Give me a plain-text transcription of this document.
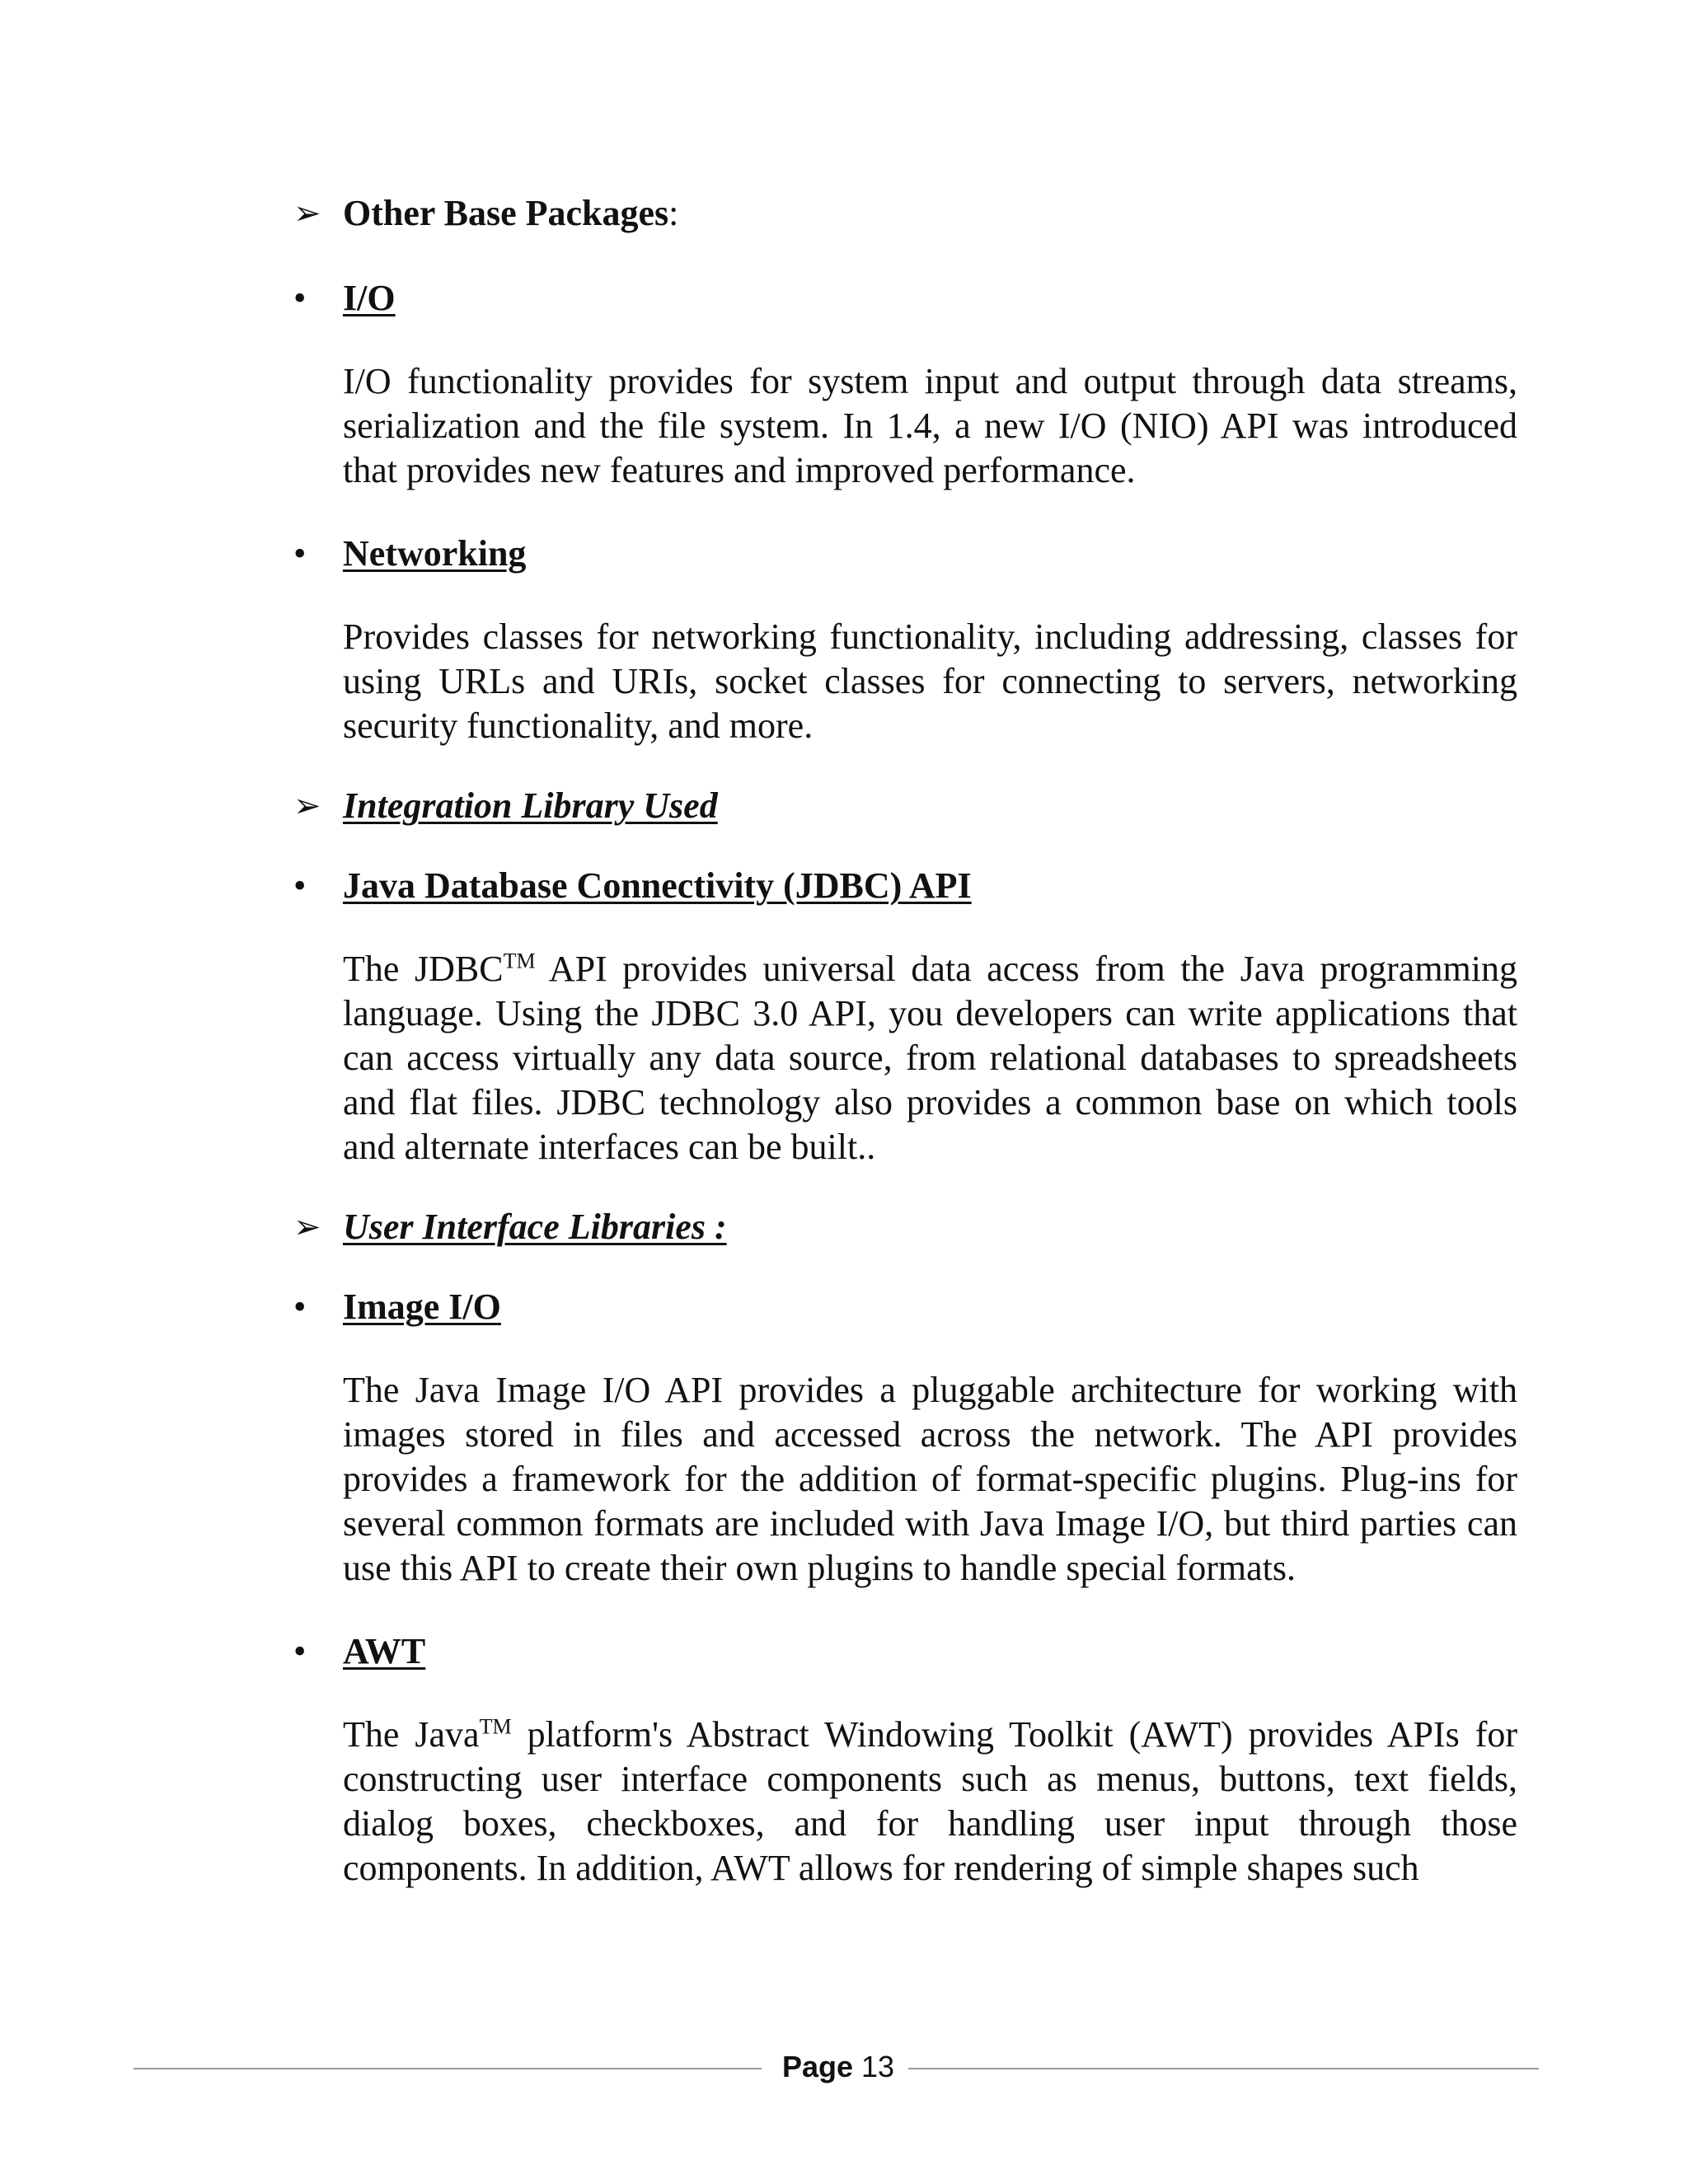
➢ Other Base Packages:

•	I/O

I/O functionality provides for system input and output through data streams, serialization and the file system. In 1.4, a new I/O (NIO) API was introduced that provides new features and improved performance.

•	Networking

Provides classes for networking functionality, including addressing, classes for using URLs and URIs, socket classes for connecting to servers, networking security functionality, and more.

➢ Integration Library Used

•	Java Database Connectivity (JDBC) API

The JDBC™ API provides universal data access from the Java programming language. Using the JDBC 3.0 API, you developers can write applications that can access virtually any data source, from relational databases to spreadsheets and flat files. JDBC technology also provides a common base on which tools and alternate interfaces can be built..

➢ User Interface Libraries :

•	Image I/O

The Java Image I/O API provides a pluggable architecture for working with images stored in files and accessed across the network. The API provides provides a framework for the addition of format-specific plugins. Plug-ins for several common formats are included with Java Image I/O, but third parties can use this API to create their own plugins to handle special formats.

•	AWT

The Java™ platform's Abstract Windowing Toolkit (AWT) provides APIs for constructing user interface components such as menus, buttons, text fields, dialog boxes, checkboxes, and for handling user input through those components. In addition, AWT allows for rendering of simple shapes such

Page 13
